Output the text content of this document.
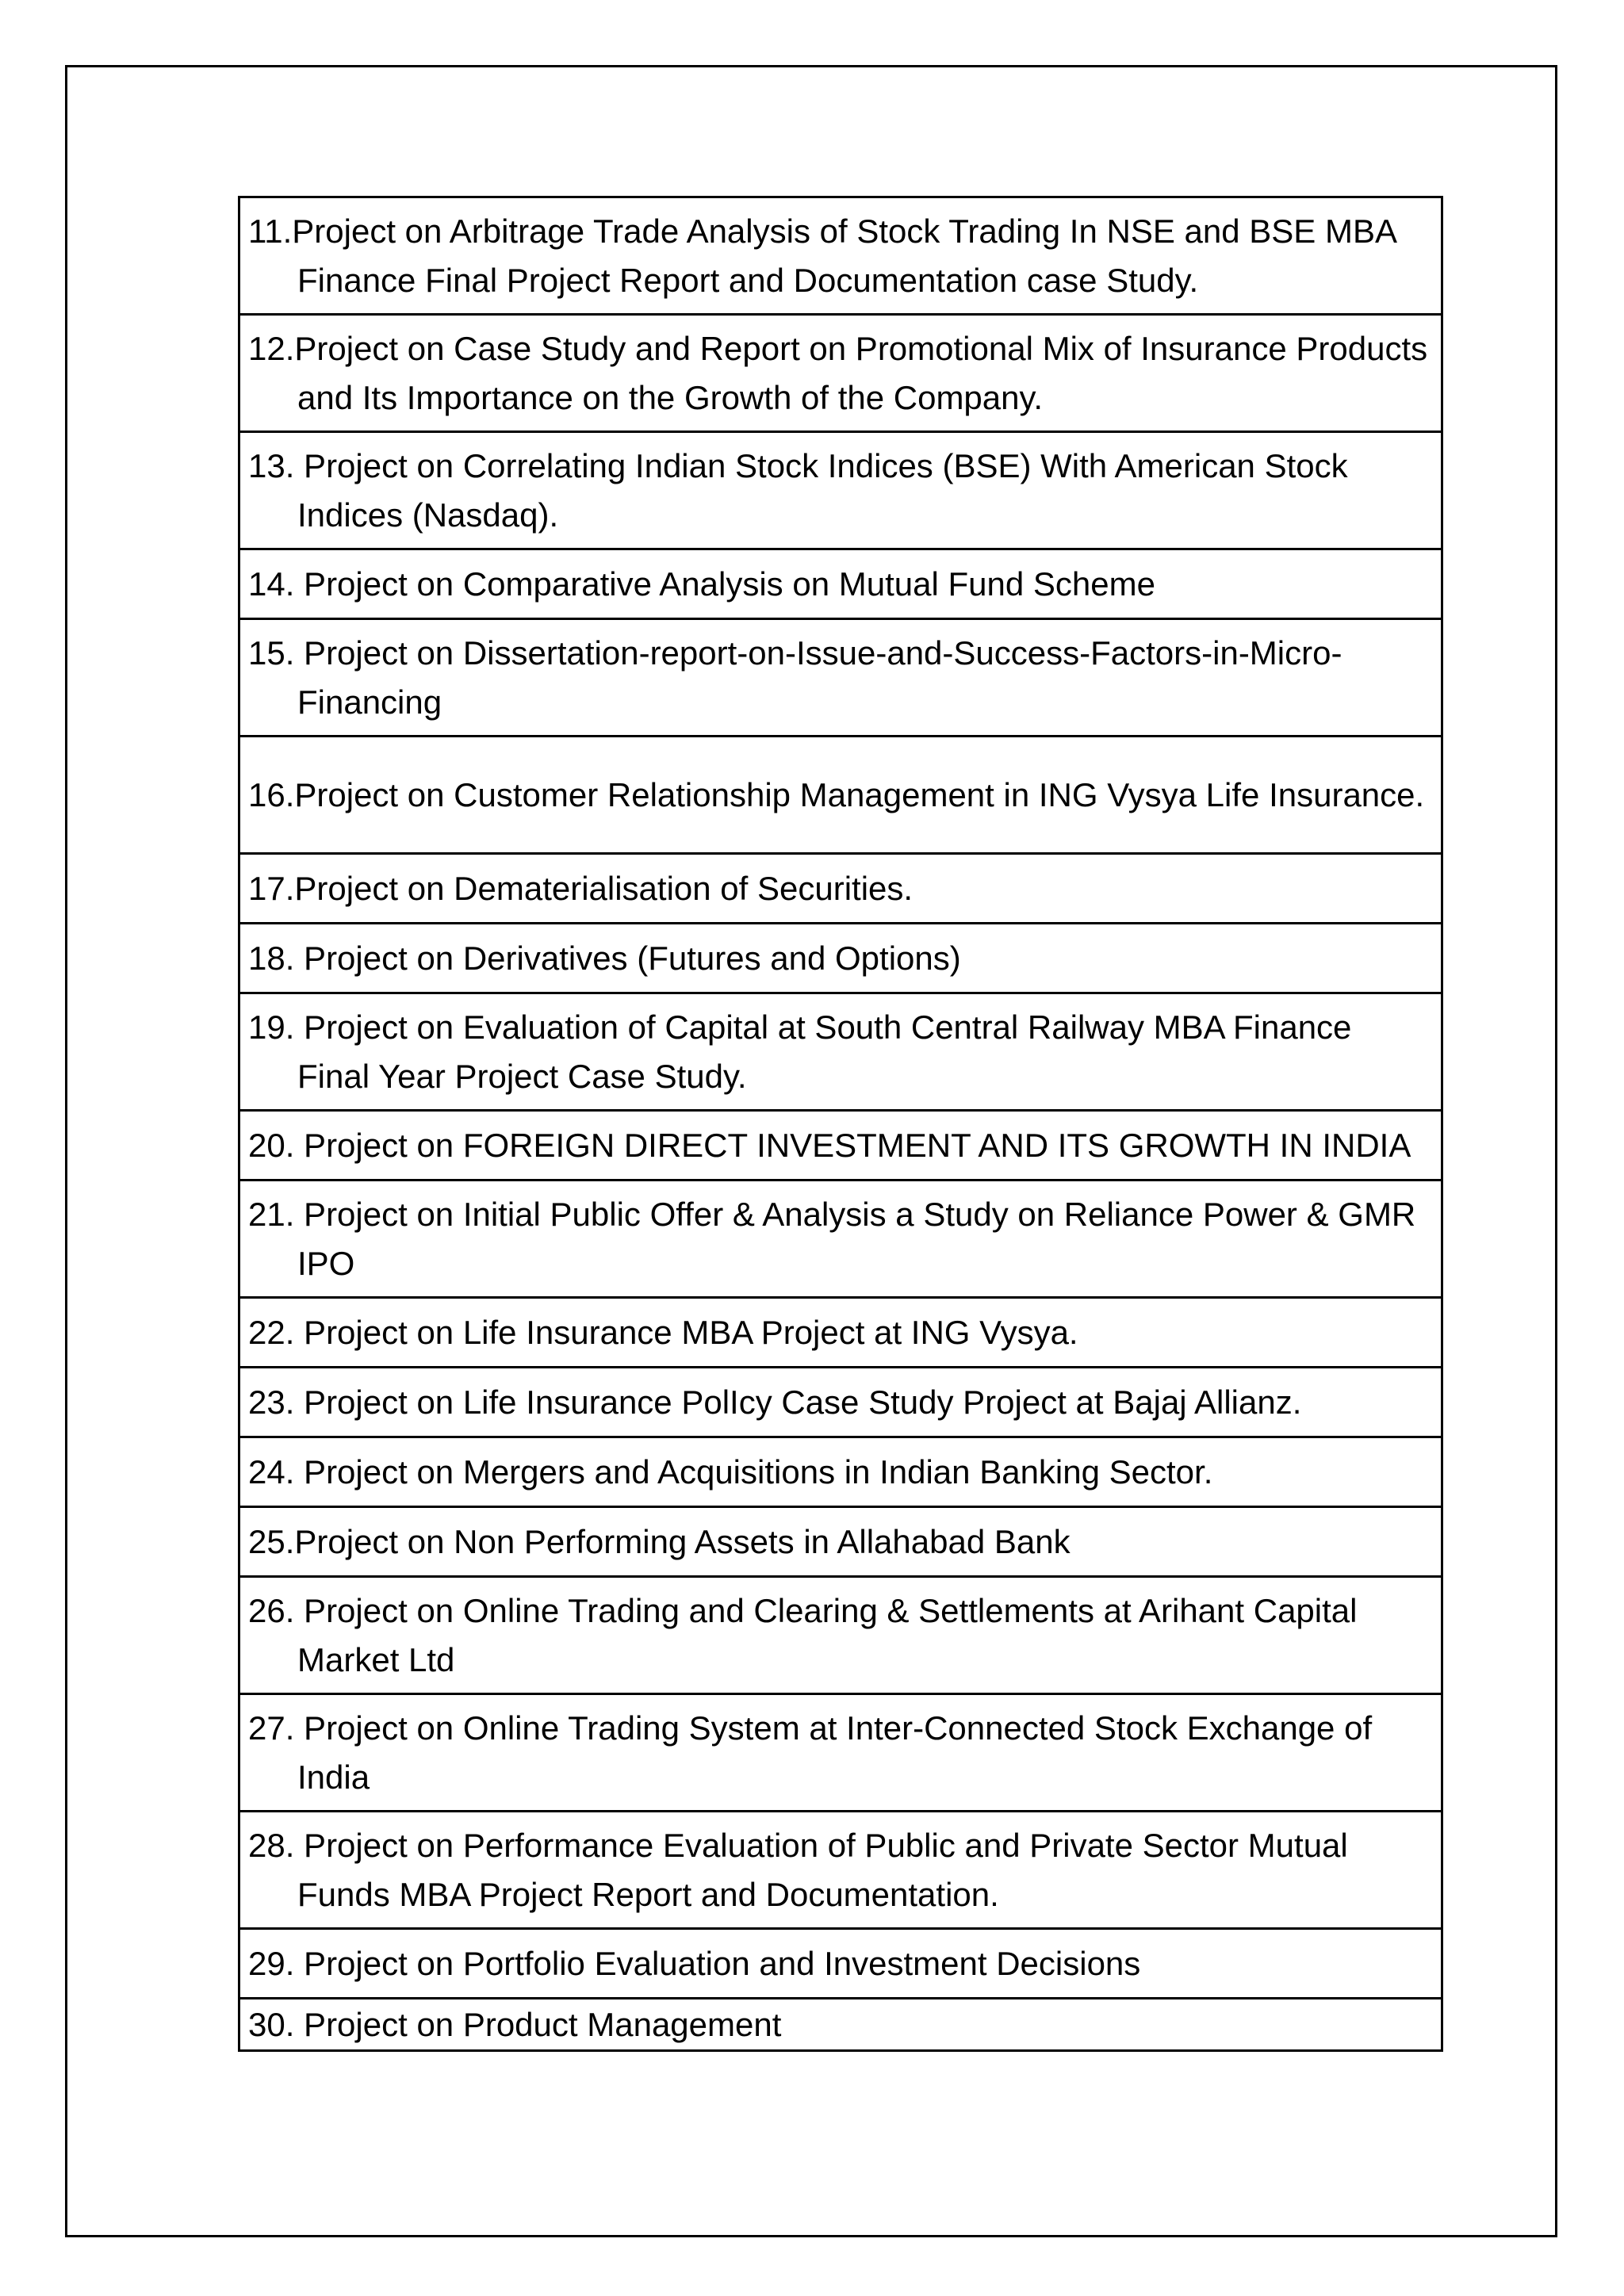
11.Project on Arbitrage Trade Analysis of Stock Trading In NSE and BSE MBA Finance Final Project Report and Documentation case Study.

12.Project on Case Study and Report on Promotional Mix of Insurance Products and Its Importance on the Growth of the Company.

13. Project on Correlating Indian Stock Indices (BSE) With American Stock Indices (Nasdaq).

14. Project on Comparative Analysis on Mutual Fund Scheme

15. Project on Dissertation-report-on-Issue-and-Success-Factors-in-Micro-Financing

16.Project on Customer Relationship Management in ING Vysya Life Insurance.

17.Project on Dematerialisation of Securities.

18. Project on Derivatives (Futures and Options)

19. Project on Evaluation of Capital at South Central Railway MBA Finance Final Year Project Case Study.

20. Project on FOREIGN DIRECT INVESTMENT AND ITS GROWTH IN INDIA

21. Project on Initial Public Offer & Analysis a Study on Reliance Power & GMR IPO

22. Project on Life Insurance MBA Project at ING Vysya.

23. Project on Life Insurance PolIcy Case Study Project at Bajaj Allianz.

24. Project on Mergers and Acquisitions in Indian Banking Sector.

25.Project on Non Performing Assets in Allahabad Bank

26. Project on Online Trading and Clearing & Settlements at Arihant Capital Market Ltd

27. Project on Online Trading System at Inter-Connected Stock Exchange of India

28. Project on Performance Evaluation of Public and Private Sector Mutual Funds MBA Project Report and Documentation.

29. Project on Portfolio Evaluation and Investment Decisions

30. Project on Product Management
